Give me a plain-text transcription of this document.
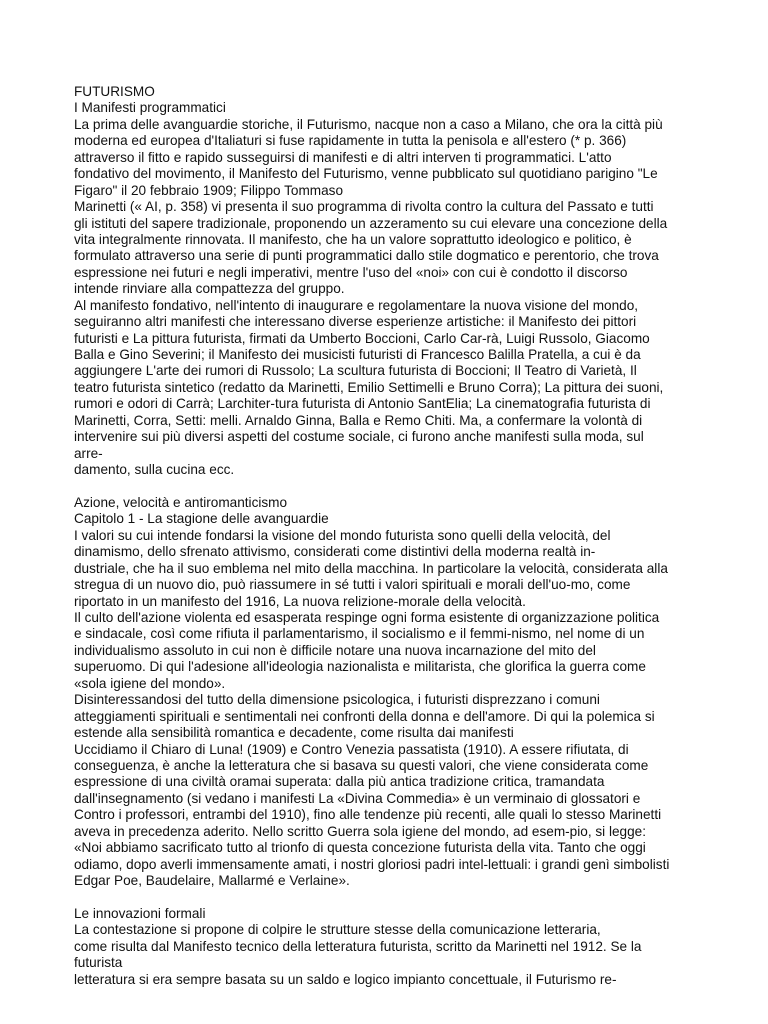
FUTURISMO
I Manifesti programmatici
La prima delle avanguardie storiche, il Futurismo, nacque non a caso a Milano, che ora la città più
moderna ed europea d'Italiaturi si fuse rapidamente in tutta la penisola e all'estero (* p. 366)
attraverso il fitto e rapido susseguirsi di manifesti e di altri interven ti programmatici. L'atto
fondativo del movimento, il Manifesto del Futurismo, venne pubblicato sul quotidiano parigino "Le
Figaro" il 20 febbraio 1909; Filippo Tommaso
Marinetti (« AI, p. 358) vi presenta il suo programma di rivolta contro la cultura del Passato e tutti
gli istituti del sapere tradizionale, proponendo un azzeramento su cui elevare una concezione della
vita integralmente rinnovata. Il manifesto, che ha un valore soprattutto ideologico e politico, è
formulato attraverso una serie di punti programmatici dallo stile dogmatico e perentorio, che trova
espressione nei futuri e negli imperativi, mentre l'uso del «noi» con cui è condotto il discorso
intende rinviare alla compattezza del gruppo.
Al manifesto fondativo, nell'intento di inaugurare e regolamentare la nuova visione del mondo,
seguiranno altri manifesti che interessano diverse esperienze artistiche: il Manifesto dei pittori
futuristi e La pittura futurista, firmati da Umberto Boccioni, Carlo Car-rà, Luigi Russolo, Giacomo
Balla e Gino Severini; il Manifesto dei musicisti futuristi di Francesco Balilla Pratella, a cui è da
aggiungere L'arte dei rumori di Russolo; La scultura futurista di Boccioni; Il Teatro di Varietà, Il
teatro futurista sintetico (redatto da Marinetti, Emilio Settimelli e Bruno Corra); La pittura dei suoni,
rumori e odori di Carrà; Larchiter-tura futurista di Antonio SantElia; La cinematografia futurista di
Marinetti, Corra, Setti: melli. Arnaldo Ginna, Balla e Remo Chiti. Ma, a confermare la volontà di
intervenire sui più diversi aspetti del costume sociale, ci furono anche manifesti sulla moda, sul
arre-
damento, sulla cucina ecc.
Azione, velocità e antiromanticismo
Capitolo 1 - La stagione delle avanguardie
I valori su cui intende fondarsi la visione del mondo futurista sono quelli della velocità, del
dinamismo, dello sfrenato attivismo, considerati come distintivi della moderna realtà in-
dustriale, che ha il suo emblema nel mito della macchina. In particolare la velocità, considerata alla
stregua di un nuovo dio, può riassumere in sé tutti i valori spirituali e morali dell'uo-mo, come
riportato in un manifesto del 1916, La nuova relizione-morale della velocità.
Il culto dell'azione violenta ed esasperata respinge ogni forma esistente di organizzazione politica
e sindacale, così come rifiuta il parlamentarismo, il socialismo e il femmi-nismo, nel nome di un
individualismo assoluto in cui non è difficile notare una nuova incarnazione del mito del
superuomo. Di qui l'adesione all'ideologia nazionalista e militarista, che glorifica la guerra come
«sola igiene del mondo».
Disinteressandosi del tutto della dimensione psicologica, i futuristi disprezzano i comuni
atteggiamenti spirituali e sentimentali nei confronti della donna e dell'amore. Di qui la polemica si
estende alla sensibilità romantica e decadente, come risulta dai manifesti
Uccidiamo il Chiaro di Luna! (1909) e Contro Venezia passatista (1910). A essere rifiutata, di
conseguenza, è anche la letteratura che si basava su questi valori, che viene considerata come
espressione di una civiltà oramai superata: dalla più antica tradizione critica, tramandata
dall'insegnamento (si vedano i manifesti La «Divina Commedia» è un verminaio di glossatori e
Contro i professori, entrambi del 1910), fino alle tendenze più recenti, alle quali lo stesso Marinetti
aveva in precedenza aderito. Nello scritto Guerra sola igiene del mondo, ad esem-pio, si legge:
«Noi abbiamo sacrificato tutto al trionfo di questa concezione futurista della vita. Tanto che oggi
odiamo, dopo averli immensamente amati, i nostri gloriosi padri intel-lettuali: i grandi genì simbolisti
Edgar Poe, Baudelaire, Mallarmé e Verlaine».
Le innovazioni formali
La contestazione si propone di colpire le strutture stesse della comunicazione letteraria,
come risulta dal Manifesto tecnico della letteratura futurista, scritto da Marinetti nel 1912. Se la
futurista
letteratura si era sempre basata su un saldo e logico impianto concettuale, il Futurismo re-
